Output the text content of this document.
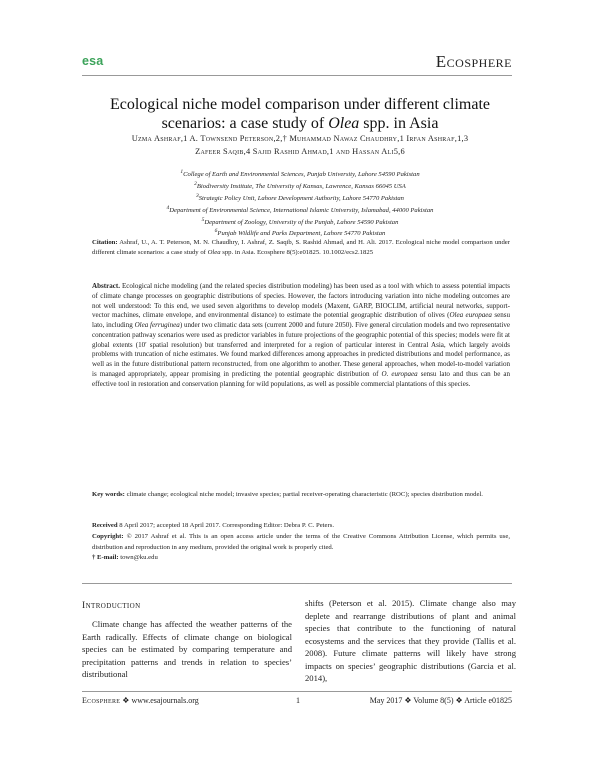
esa	Ecosphere
Ecological niche model comparison under different climate
scenarios: a case study of Olea spp. in Asia
Uzma Ashraf,1 A. Townsend Peterson,2,† Muhammad Nawaz Chaudhry,1 Irfan Ashraf,1,3
Zafeer Saqib,4 Sajid Rashid Ahmad,1 and Hassan Ali5,6
$^1$College of Earth and Environmental Sciences, Punjab University, Lahore 54590 Pakistan
$^2$Biodiversity Institute, The University of Kansas, Lawrence, Kansas 66045 USA
$^3$Strategic Policy Unit, Lahore Development Authority, Lahore 54770 Pakistan
$^4$Department of Environmental Science, International Islamic University, Islamabad, 44000 Pakistan
$^5$Department of Zoology, University of the Punjab, Lahore 54590 Pakistan
$^6$Punjab Wildlife and Parks Department, Lahore 54770 Pakistan
Citation: Ashraf, U., A. T. Peterson, M. N. Chaudhry, I. Ashraf, Z. Saqib, S. Rashid Ahmad, and H. Ali. 2017. Ecological niche model comparison under different climate scenarios: a case study of Olea spp. in Asia. Ecosphere 8(5):e01825. 10.1002/ecs2.1825
Abstract. Ecological niche modeling (and the related species distribution modeling) has been used as a tool with which to assess potential impacts of climate change processes on geographic distributions of species. However, the factors introducing variation into niche modeling outcomes are not well understood: To this end, we used seven algorithms to develop models (Maxent, GARP, BIOCLIM, artificial neural networks, support-vector machines, climate envelope, and environmental distance) to estimate the potential geographic distribution of olives (Olea europaea sensu lato, including Olea ferruginea) under two climatic data sets (current 2000 and future 2050). Five general circulation models and two representative concentration pathway scenarios were used as predictor variables in future projections of the geographic potential of this species; models were fit at global extents (10′ spatial resolution) but transferred and interpreted for a region of particular interest in Central Asia, which largely avoids problems with truncation of niche estimates. We found marked differences among approaches in predicted distributions and model performance, as well as in the future distributional pattern reconstructed, from one algorithm to another. These general approaches, when model-to-model variation is managed appropriately, appear promising in predicting the potential geographic distribution of O. europaea sensu lato and thus can be an effective tool in restoration and conservation planning for wild populations, as well as possible commercial plantations of this species.
Key words: climate change; ecological niche model; invasive species; partial receiver-operating characteristic (ROC); species distribution model.

Received 8 April 2017; accepted 18 April 2017. Corresponding Editor: Debra P. C. Peters.

Copyright: © 2017 Ashraf et al. This is an open access article under the terms of the Creative Commons Attribution License, which permits use, distribution and reproduction in any medium, provided the original work is properly cited.

† E-mail: town@ku.edu

Introduction
Climate change has affected the weather patterns of the Earth radically. Effects of climate change on biological species can be estimated by comparing temperature and precipitation patterns and trends in relation to species’ distributional
shifts (Peterson et al. 2015). Climate change also may deplete and rearrange distributions of plant and animal species that contribute to the functioning of natural ecosystems and the services that they provide (Tallis et al. 2008). Future climate patterns will likely have strong impacts on species’ geographic distributions (Garcia et al. 2014),
Ecosphere ❖ www.esajournals.org	1	May 2017 ❖ Volume 8(5) ❖ Article e01825
